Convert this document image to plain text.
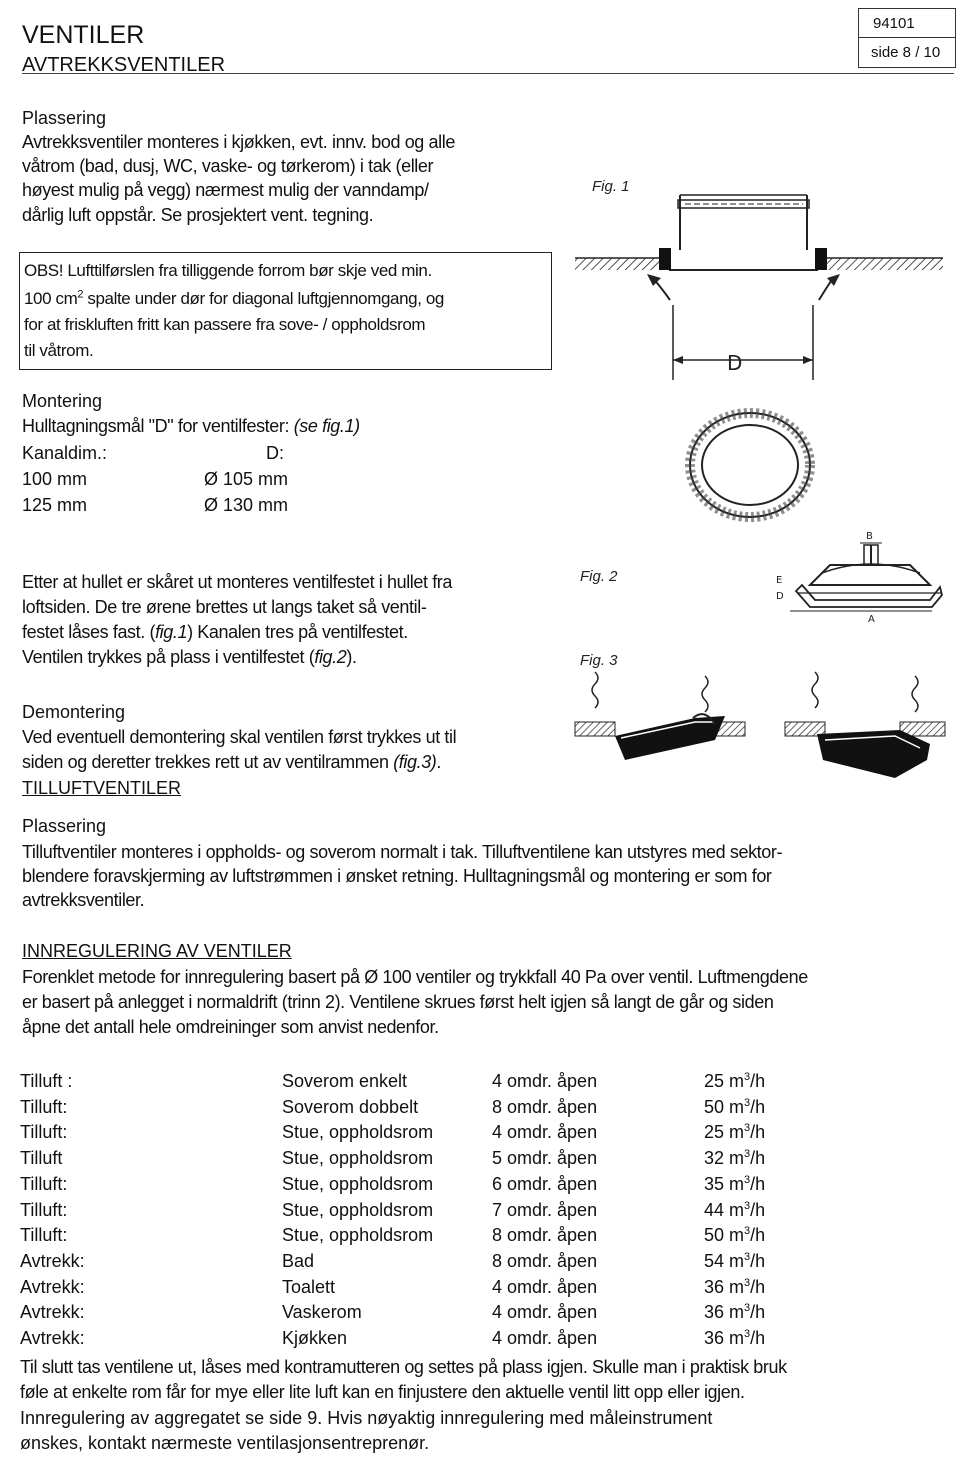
VENTILER
AVTREKKSVENTILER
94101
side 8 / 10
Plassering
Avtrekksventiler monteres i kjøkken, evt. innv. bod og alle
våtrom (bad, dusj, WC, vaske- og tørkerom) i tak (eller
høyest mulig på vegg) nærmest mulig der vanndamp/
dårlig luft oppstår. Se prosjektert vent. tegning.
OBS! Lufttilførslen fra tilliggende forrom bør skje ved min.
100 $cm^2$ spalte under dør for diagonal luftgjennomgang, og
for at friskluften fritt kan passere fra sove- / oppholdsrom
til våtrom.
Montering
Hulltagningsmål "D" for ventilfester: (se fig.1)
Kanaldim.:	D:
100 mm	Ø 105 mm
125 mm	Ø 130 mm
Etter at hullet er skåret ut monteres ventilfestet i hullet fra
loftsiden. De tre ørene brettes ut langs taket så ventil-
festet låses fast. (fig.1) Kanalen tres på ventilfestet.
Ventilen trykkes på plass i ventilfestet (fig.2).
Demontering
Ved eventuell demontering skal ventilen først trykkes ut til
siden og deretter trekkes rett ut av ventilrammen (fig.3).
TILLUFTVENTILER
Plassering
Tilluftventiler monteres i oppholds- og soverom normalt i tak. Tilluftventilene kan utstyres med sektor-
blendere foravskjerming av luftstrømmen i ønsket retning. Hulltagningsmål og montering er som for
avtrekksventiler.
INNREGULERING AV VENTILER
Forenklet metode for innregulering basert på Ø 100 ventiler og trykkfall 40 Pa over ventil. Luftmengdene
er basert på anlegget i normaldrift (trinn 2). Ventilene skrues først helt igjen så langt de går og siden
åpne det antall hele omdreininger som anvist nedenfor.
Tilluft :	Soverom enkelt	4 omdr. åpen	25 $m^3/h$
Tilluft:	Soverom dobbelt	8 omdr. åpen	50 $m^3/h$
Tilluft:	Stue, oppholdsrom	4 omdr. åpen	25 $m^3/h$
Tilluft	Stue, oppholdsrom	5 omdr. åpen	32 $m^3/h$
Tilluft:	Stue, oppholdsrom	6 omdr. åpen	35 $m^3/h$
Tilluft:	Stue, oppholdsrom	7 omdr. åpen	44 $m^3/h$
Tilluft:	Stue, oppholdsrom	8 omdr. åpen	50 $m^3/h$
Avtrekk:	Bad	8 omdr. åpen	54 $m^3/h$
Avtrekk:	Toalett	4 omdr. åpen	36 $m^3/h$
Avtrekk:	Vaskerom	4 omdr. åpen	36 $m^3/h$
Avtrekk:	Kjøkken	4 omdr. åpen	36 $m^3/h$
Til slutt tas ventilene ut, låses med kontramutteren og settes på plass igjen. Skulle man i praktisk bruk
føle at enkelte rom får for mye eller lite luft kan en finjustere den aktuelle ventil litt opp eller igjen.
Innregulering av aggregatet se side 9. Hvis nøyaktig innregulering med måleinstrument
ønskes, kontakt nærmeste ventilasjonsentreprenør.
Fig. 1
D
Fig. 2
B
E
D
A
Fig. 3
